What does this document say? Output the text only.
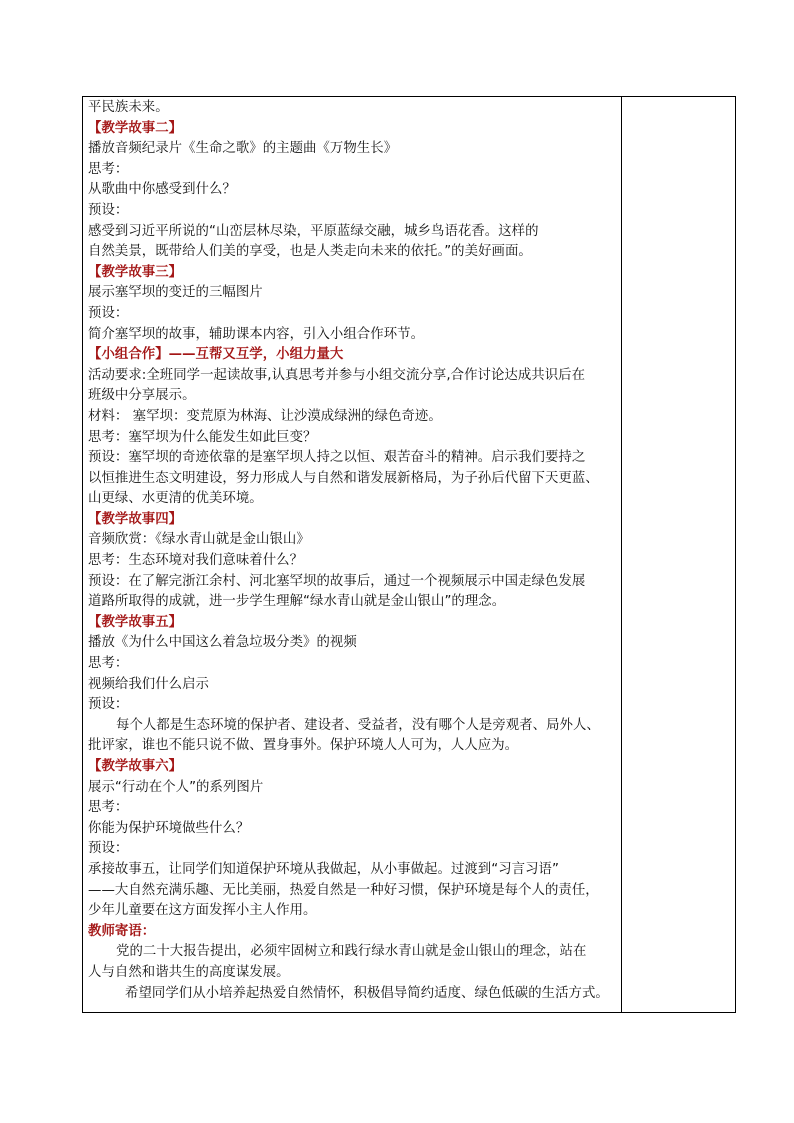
平民族未来。
【教学故事二】
播放音频纪录片《生命之歌》的主题曲《万物生长》
思考：
从歌曲中你感受到什么？
预设：
感受到习近平所说的“山峦层林尽染，平原蓝绿交融，城乡鸟语花香。这样的
自然美景，既带给人们美的享受，也是人类走向未来的依托。”的美好画面。
【教学故事三】
展示塞罕坝的变迁的三幅图片
预设：
简介塞罕坝的故事，辅助课本内容，引入小组合作环节。
【小组合作】——互帮又互学，小组力量大
活动要求:全班同学一起读故事,认真思考并参与小组交流分享,合作讨论达成共识后在
班级中分享展示。
材料： 塞罕坝：变荒原为林海、让沙漠成绿洲的绿色奇迹。
思考：塞罕坝为什么能发生如此巨变？
预设：塞罕坝的奇迹依靠的是塞罕坝人持之以恒、艰苦奋斗的精神。启示我们要持之
以恒推进生态文明建设，努力形成人与自然和谐发展新格局，为子孙后代留下天更蓝、
山更绿、水更清的优美环境。
【教学故事四】
音频欣赏：《绿水青山就是金山银山》
思考：生态环境对我们意味着什么？
预设：在了解完浙江余村、河北塞罕坝的故事后，通过一个视频展示中国走绿色发展
道路所取得的成就，进一步学生理解“绿水青山就是金山银山”的理念。
【教学故事五】
播放《为什么中国这么着急垃圾分类》的视频
思考：
视频给我们什么启示
预设：
每个人都是生态环境的保护者、建设者、受益者，没有哪个人是旁观者、局外人、
批评家，谁也不能只说不做、置身事外。保护环境人人可为，人人应为。
【教学故事六】
展示“行动在个人”的系列图片
思考：
你能为保护环境做些什么？
预设：
承接故事五，让同学们知道保护环境从我做起，从小事做起。过渡到“习言习语”
——大自然充满乐趣、无比美丽，热爱自然是一种好习惯，保护环境是每个人的责任，
少年儿童要在这方面发挥小主人作用。
教师寄语：
党的二十大报告提出，必须牢固树立和践行绿水青山就是金山银山的理念，站在
人与自然和谐共生的高度谋发展。
希望同学们从小培养起热爱自然情怀，积极倡导简约适度、绿色低碳的生活方式。
